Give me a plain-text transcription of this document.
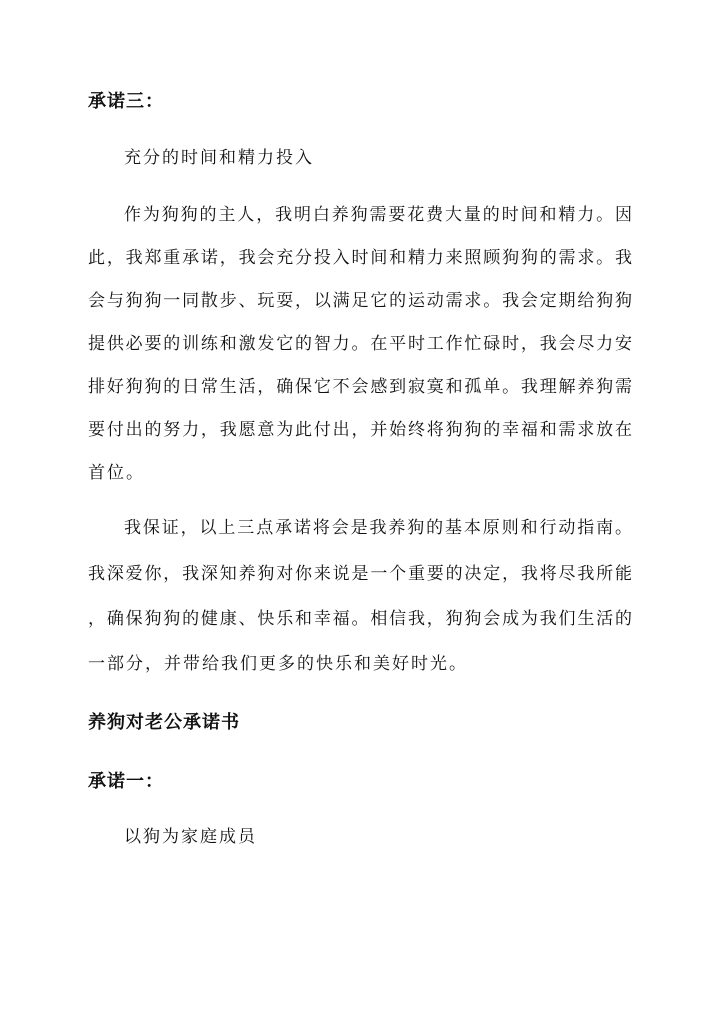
承诺三：
充分的时间和精力投入
作为狗狗的主人，我明白养狗需要花费大量的时间和精力。因
此，我郑重承诺，我会充分投入时间和精力来照顾狗狗的需求。我
会与狗狗一同散步、玩耍，以满足它的运动需求。我会定期给狗狗
提供必要的训练和激发它的智力。在平时工作忙碌时，我会尽力安
排好狗狗的日常生活，确保它不会感到寂寞和孤单。我理解养狗需
要付出的努力，我愿意为此付出，并始终将狗狗的幸福和需求放在
首位。
我保证，以上三点承诺将会是我养狗的基本原则和行动指南。
我深爱你，我深知养狗对你来说是一个重要的决定，我将尽我所能
，确保狗狗的健康、快乐和幸福。相信我，狗狗会成为我们生活的
一部分，并带给我们更多的快乐和美好时光。
养狗对老公承诺书
承诺一：
以狗为家庭成员
